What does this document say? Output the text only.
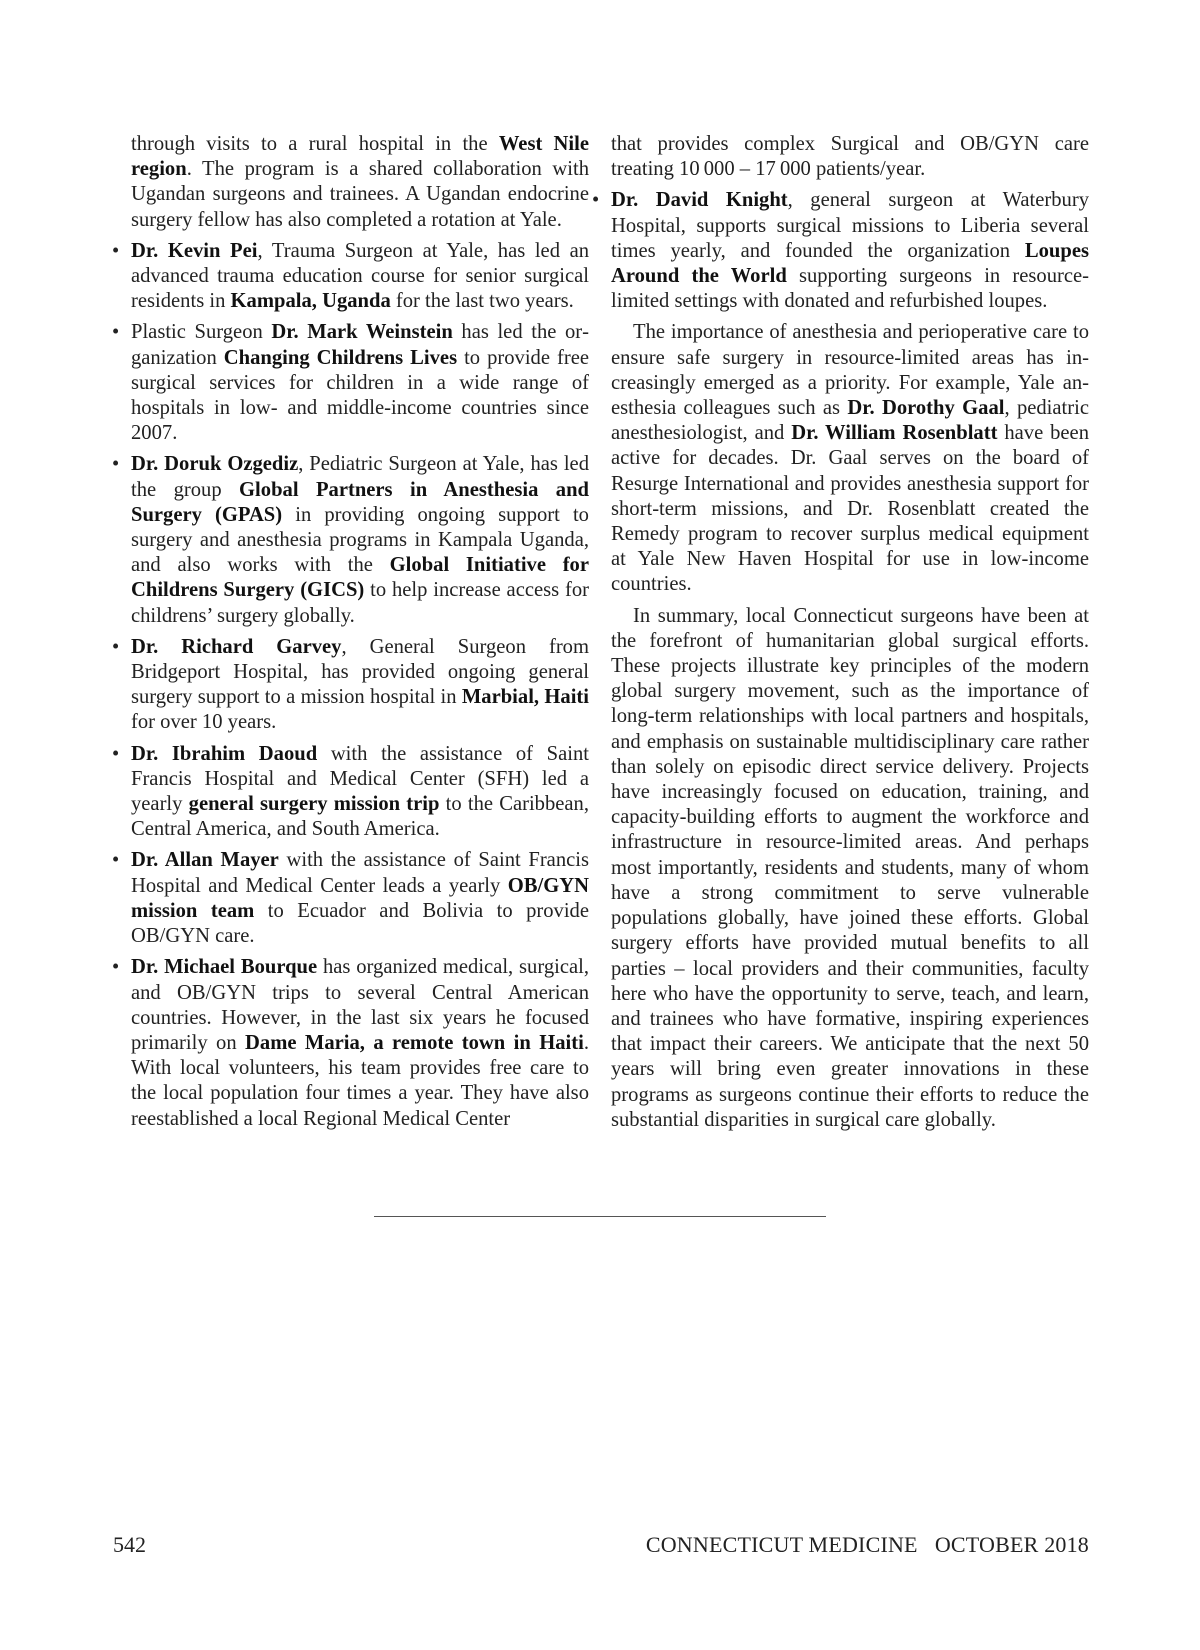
through visits to a rural hospital in the West Nile region. The program is a shared collaboration with Ugandan surgeons and trainees. A Ugandan endocrine surgery fellow has also completed a rotation at Yale.

• Dr. Kevin Pei, Trauma Surgeon at Yale, has led an advanced trauma education course for senior surgical residents in Kampala, Uganda for the last two years.

• Plastic Surgeon Dr. Mark Weinstein has led the organization Changing Childrens Lives to provide free surgical services for children in a wide range of hospitals in low- and middle-income countries since 2007.

• Dr. Doruk Ozgediz, Pediatric Surgeon at Yale, has led the group Global Partners in Anesthesia and Surgery (GPAS) in providing ongoing support to surgery and anesthesia programs in Kampala Uganda, and also works with the Global Initiative for Childrens Surgery (GICS) to help increase access for childrens’ surgery globally.

• Dr. Richard Garvey, General Surgeon from Bridgeport Hospital, has provided ongoing general surgery support to a mission hospital in Marbial, Haiti for over 10 years.

• Dr. Ibrahim Daoud with the assistance of Saint Francis Hospital and Medical Center (SFH) led a yearly general surgery mission trip to the Caribbean, Central America, and South America.

• Dr. Allan Mayer with the assistance of Saint Francis Hospital and Medical Center leads a yearly OB/​GYN mission team to Ecuador and Bolivia to provide OB/GYN care.

• Dr. Michael Bourque has organized medical, surgical, and OB/GYN trips to several Central American countries. However, in the last six years he focused primarily on Dame Maria, a remote town in Haiti. With local volunteers, his team provides free care to the local population four times a year. They have also reestablished a local Regional Medical Center

that provides complex Surgical and OB/GYN care treating 10 000 – 17 000 patients/year.

• Dr. David Knight, general surgeon at Waterbury Hospital, supports surgical missions to Liberia several times yearly, and founded the organization Loupes Around the World supporting surgeons in resource-limited settings with donated and refurbished loupes.

The importance of anesthesia and perioperative care to ensure safe surgery in resource-limited areas has increasingly emerged as a priority. For example, Yale anesthesia colleagues such as Dr. Dorothy Gaal, pediatric anesthesiologist, and Dr. William Rosenblatt have been active for decades. Dr. Gaal serves on the board of Resurge International and provides anesthesia support for short-term missions, and Dr. Rosenblatt created the Remedy program to recover surplus medical equipment at Yale New Haven Hospital for use in low-income countries.

In summary, local Connecticut surgeons have been at the forefront of humanitarian global surgical efforts. These projects illustrate key principles of the modern global surgery movement, such as the importance of long-term relationships with local partners and hospitals, and emphasis on sustainable multidisciplinary care rather than solely on episodic direct service delivery. Projects have increasingly focused on education, training, and capacity-building efforts to augment the workforce and infrastructure in resource-limited areas. And perhaps most importantly, residents and students, many of whom have a strong commitment to serve vulnerable populations globally, have joined these efforts. Global surgery efforts have provided mutual benefits to all parties – local providers and their communities, faculty here who have the opportunity to serve, teach, and learn, and trainees who have formative, inspiring experiences that impact their careers. We anticipate that the next 50 years will bring even greater innovations in these programs as surgeons continue their efforts to reduce the substantial disparities in surgical care globally.

542	CONNECTICUT MEDICINE OCTOBER 2018
